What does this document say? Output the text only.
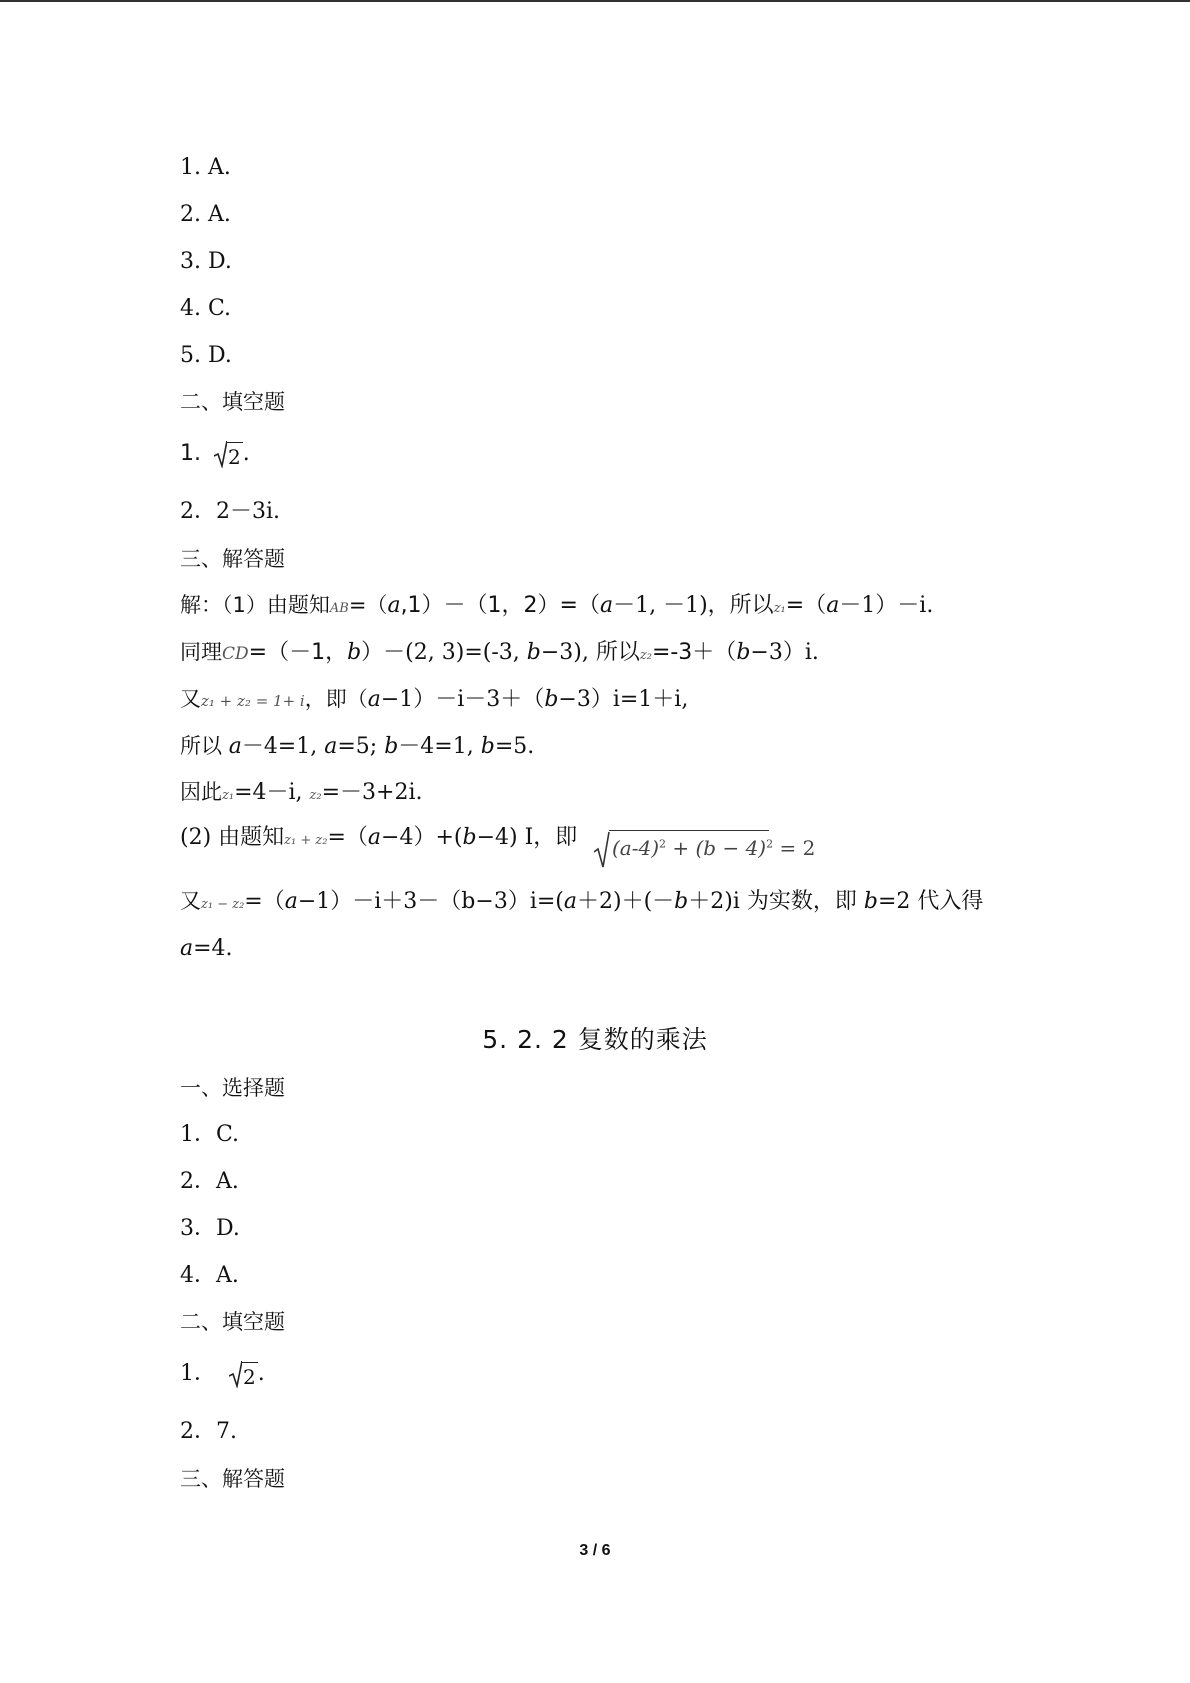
1. A.
2. A.
3. D.
4. C.
5. D.
二、填空题
1. 2.
2．2－3i.
三、解答题
解：（1）由题知AB=（a,1）－（1，2）=（a－1, －1)，所以z₁=（a－1）－i.
同理CD=（－1，b）－(2, 3)=(-3, b−3), 所以z₂=-3＋（b−3）i.
又z₁ + z₂ = 1+ i，即（a−1）－i－3＋（b−3）i=1＋i,
所以 a－4=1, a=5; b－4=1, b=5.
因此z₁=4－i, z₂=－3+2i.
(2) 由题知z₁ + z₂=（a−4）+(b−4) I，即 $(a-4)^2 + (b - 4)^2 = 2$
又z₁ − z₂=（a−1）－i＋3－（b−3）i=(a＋2)＋(－b＋2)i 为实数，即 b=2 代入得
a=4.
5. 2. 2 复数的乘法
一、选择题
1．C.
2．A.
3．D.
4．A.
二、填空题
1． 2.
2．7.
三、解答题
3 / 6
